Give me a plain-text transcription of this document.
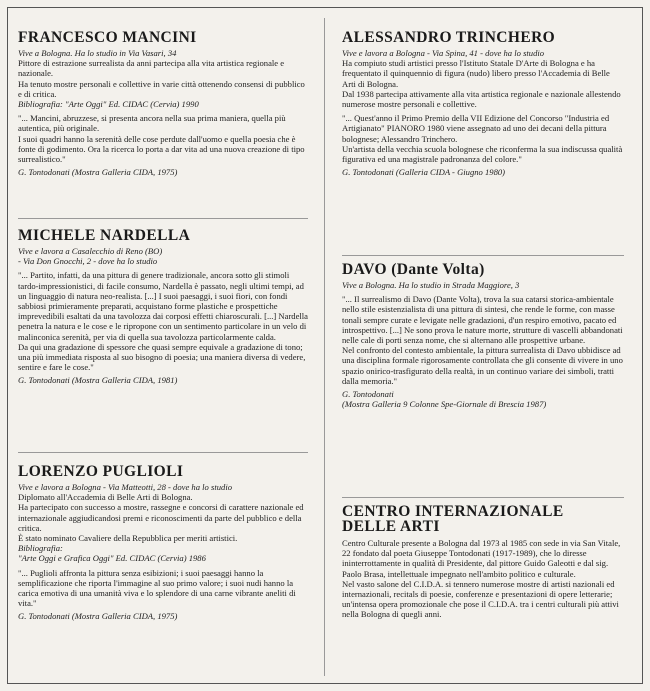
FRANCESCO MANCINI

Vive a Bologna. Ha lo studio in Via Vasari, 34

Pittore di estrazione surrealista da anni partecipa alla vita artistica regionale e nazionale.
Ha tenuto mostre personali e collettive in varie città ottenendo consensi di pubblico e di critica.

Bibliografia: "Arte Oggi" Ed. CIDAC (Cervia) 1990

"... Mancini, abruzzese, si presenta ancora nella sua prima maniera, quella più autentica, più originale.
I suoi quadri hanno la serenità delle cose perdute dall'uomo e quella poesia che è fonte di godimento. Ora la ricerca lo porta a dar vita ad una nuova creazione di tipo surrealistico."

G. Tontodonati (Mostra Galleria CIDA, 1975)

MICHELE NARDELLA

Vive e lavora a Casalecchio di Reno (BO)
- Via Don Gnocchi, 2 - dove ha lo studio

"... Partito, infatti, da una pittura di genere tradizionale, ancora sotto gli stimoli tardo-impressionistici, di facile consumo, Nardella è passato, negli ultimi tempi, ad un linguaggio di natura neo-realista. [...] I suoi paesaggi, i suoi fiori, con fondi sabbiosi primieramente preparati, acquistano forme plastiche e prospettiche imprevedibili esaltati da una tavolozza dai corposi effetti chiaroscurali. [...] Nardella penetra la natura e le cose e le ripropone con un sentimento particolare in un velo di malinconica serenità, per via di quella sua tavolozza particolarmente calda.
Da qui una gradazione di spessore che quasi sempre equivale a gradazione di tono; una più immediata risposta al suo bisogno di poesia; una maniera diversa di vedere, sentire e fare le cose."

G. Tontodonati (Mostra Galleria CIDA, 1981)

LORENZO PUGLIOLI

Vive e lavora a Bologna - Via Matteotti, 28 - dove ha lo studio

Diplomato all'Accademia di Belle Arti di Bologna.
Ha partecipato con successo a mostre, rassegne e concorsi di carattere nazionale ed internazionale aggiudicandosi premi e riconoscimenti da parte del pubblico e della critica.
È stato nominato Cavaliere della Repubblica per meriti artistici.

Bibliografia:
"Arte Oggi e Grafica Oggi" Ed. CIDAC (Cervia) 1986

"... Puglioli affronta la pittura senza esibizioni; i suoi paesaggi hanno la semplificazione che riporta l'immagine al suo primo valore; i suoi nudi hanno la carica emotiva di una umanità viva e lo splendore di una carne vibrante aneliti di vita."

G. Tontodonati (Mostra Galleria CIDA, 1975)

ALESSANDRO TRINCHERO

Vive e lavora a Bologna - Via Spina, 41 - dove ha lo studio

Ha compiuto studi artistici presso l'Istituto Statale D'Arte di Bologna e ha frequentato il quinquennio di figura (nudo) libero presso l'Accademia di Belle Arti di Bologna.
Dal 1938 partecipa attivamente alla vita artistica regionale e nazionale allestendo numerose mostre personali e collettive.

"... Quest'anno il Primo Premio della VII Edizione del Concorso "Industria ed Artigianato" PIANORO 1980 viene assegnato ad uno dei decani della pittura bolognese; Alessandro Trinchero.
Un'artista della vecchia scuola bolognese che riconferma la sua indiscussa qualità figurativa ed una magistrale padronanza del colore."

G. Tontodonati (Galleria CIDA - Giugno 1980)

DAVO (Dante Volta)

Vive a Bologna. Ha lo studio in Strada Maggiore, 3

"... Il surrealismo di Davo (Dante Volta), trova la sua catarsi storica-ambientale nello stile esistenzialista di una pittura di sintesi, che rende le forme, con masse tonali sempre curate e levigate nelle gradazioni, d'un respiro emotivo, pacato ed introspettivo. [...] Ne sono prova le nature morte, strutture di vascelli abbandonati nelle cale di porti senza nome, che si alternano alle prospettive urbane.
Nel confronto del contesto ambientale, la pittura surrealista di Davo ubbidisce ad una disciplina formale rigorosamente controllata che gli consente di vivere in uno spazio onirico-trasfigurato della realtà, in un continuo variare dei simboli, tratti dalla memoria."

G. Tontodonati
(Mostra Galleria 9 Colonne Spe-Giornale di Brescia 1987)

CENTRO INTERNAZIONALE
DELLE ARTI

Centro Culturale presente a Bologna dal 1973 al 1985 con sede in via San Vitale, 22 fondato dal poeta Giuseppe Tontodonati (1917-1989), che lo diresse ininterrottamente in qualità di Presidente, dal pittore Guido Galeotti e dal sig. Paolo Brasa, intellettuale impegnato nell'ambito politico e culturale.
Nel vasto salone del C.I.D.A. si tennero numerose mostre di artisti nazionali ed internazionali, recitals di poesie, conferenze e presentazioni di opere letterarie; un'intensa opera promozionale che pose il C.I.D.A. tra i centri culturali più attivi nella Bologna di quegli anni.
